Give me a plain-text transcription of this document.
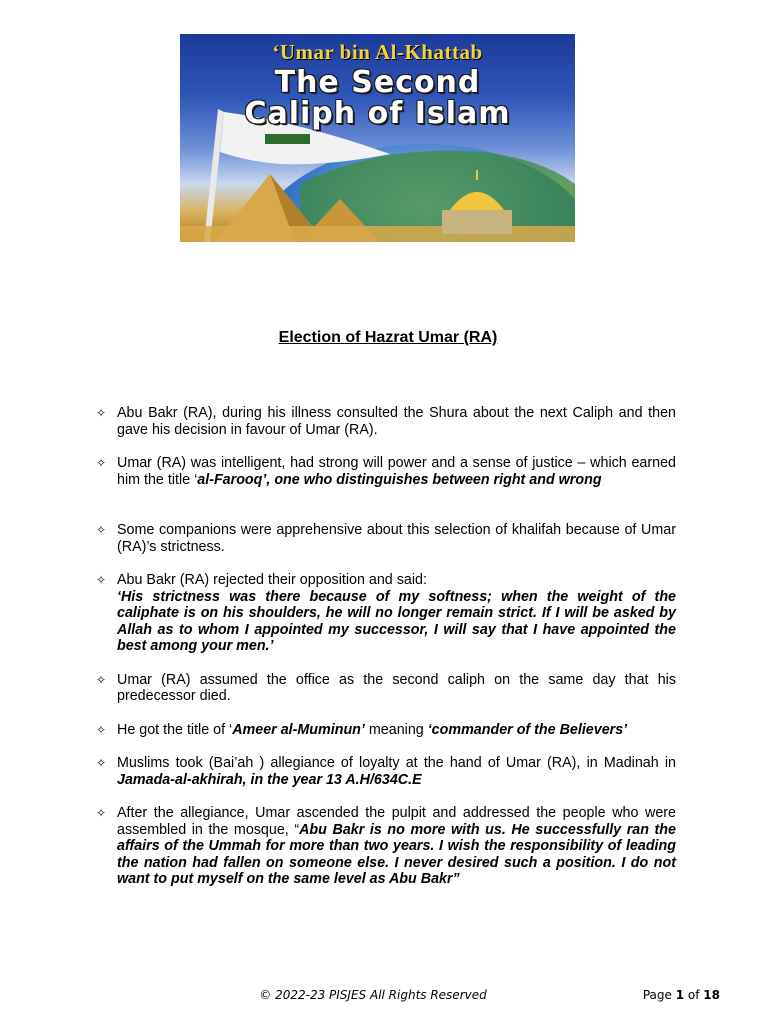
‘Umar bin Al-Khattab
The Second
Caliph of Islam
Election of Hazrat Umar (RA)
✧ Abu Bakr (RA), during his illness consulted the Shura about the next Caliph and then gave his decision in favour of Umar (RA).
✧ Umar (RA) was intelligent, had strong will power and a sense of justice – which earned him the title ‘al-Farooq’, one who distinguishes between right and wrong
✧ Some companions were apprehensive about this selection of khalifah because of Umar (RA)’s strictness.
✧ Abu Bakr (RA) rejected their opposition and said:
‘His strictness was there because of my softness; when the weight of the caliphate is on his shoulders, he will no longer remain strict. If I will be asked by Allah as to whom I appointed my successor, I will say that I have appointed the best among your men.’
✧ Umar (RA) assumed the office as the second caliph on the same day that his predecessor died.
✧ He got the title of ‘Ameer al-Muminun’ meaning ‘commander of the Believers’
✧ Muslims took (Bai’ah ) allegiance of loyalty at the hand of Umar (RA), in Madinah in Jamada-al-akhirah, in the year 13 A.H/634C.E
✧ After the allegiance, Umar ascended the pulpit and addressed the people who were assembled in the mosque, “Abu Bakr is no more with us. He successfully ran the affairs of the Ummah for more than two years. I wish the responsibility of leading the nation had fallen on someone else. I never desired such a position. I do not want to put myself on the same level as Abu Bakr”
© 2022-23 PISJES All Rights Reserved	Page 1 of 18
